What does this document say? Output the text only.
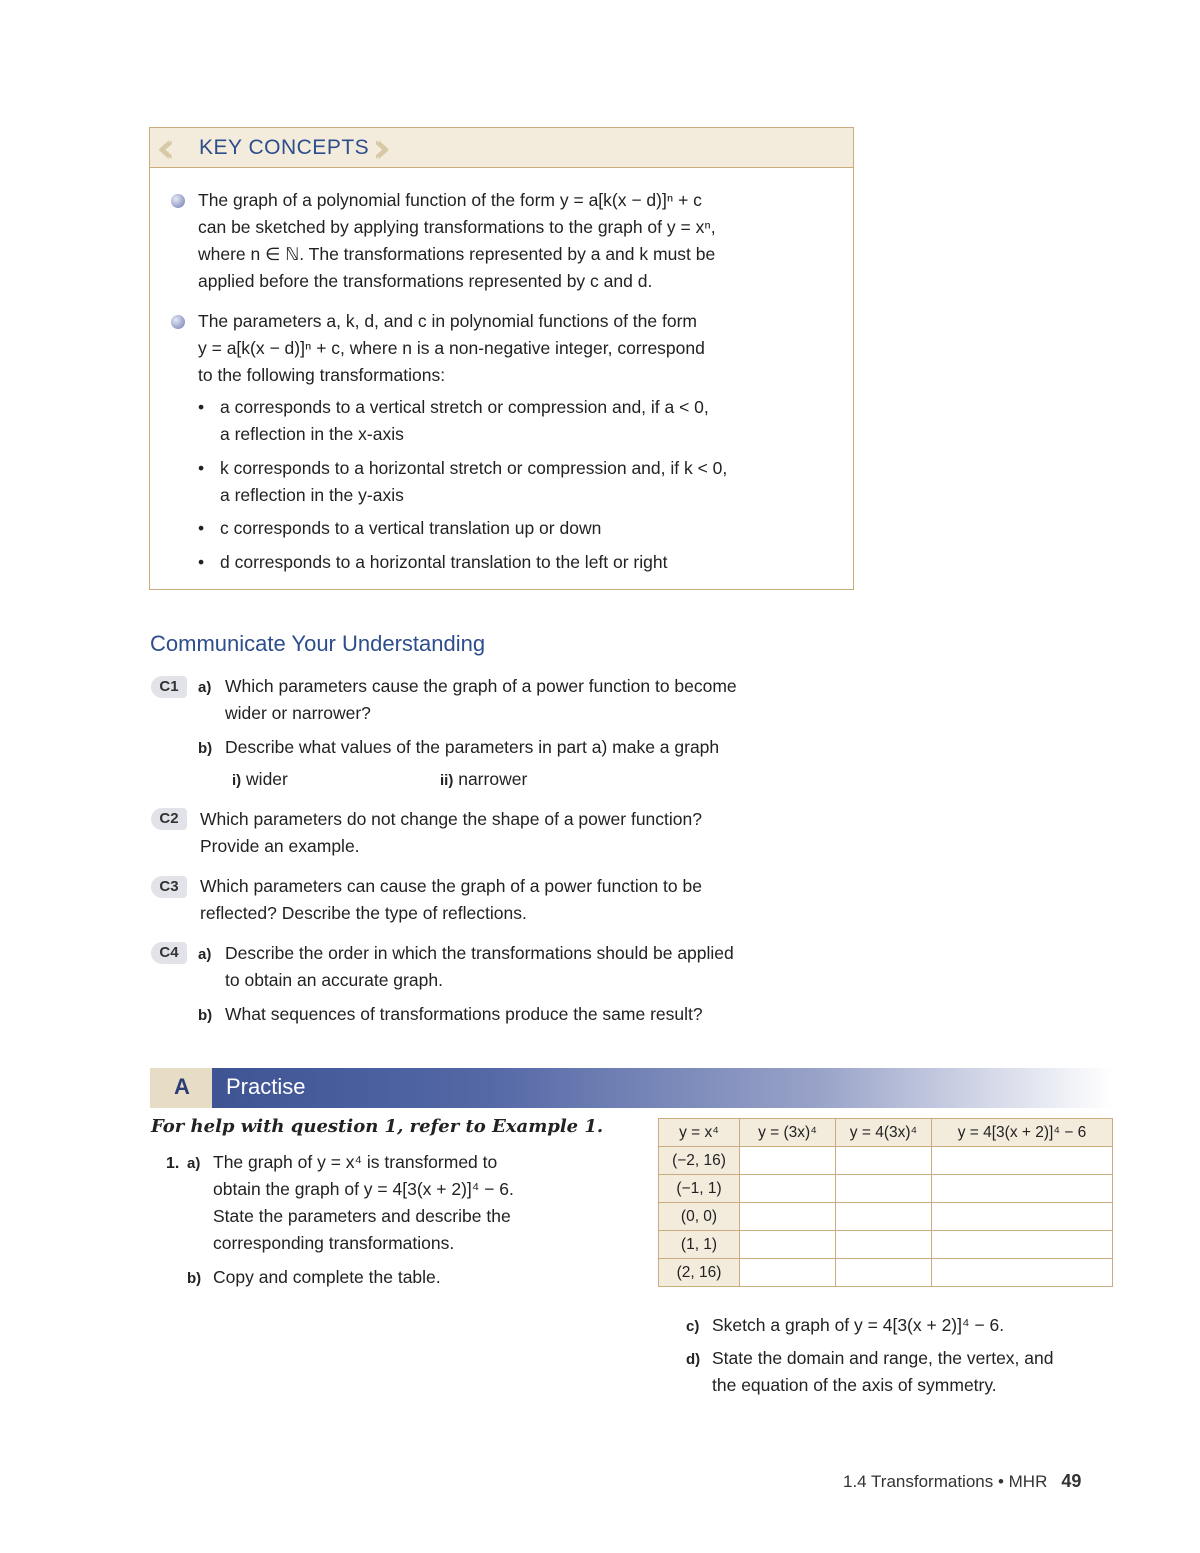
‹‹ KEY CONCEPTS ››
The graph of a polynomial function of the form y = a[k(x − d)]ⁿ + c
can be sketched by applying transformations to the graph of y = xⁿ,
where n ∈ ℕ. The transformations represented by a and k must be
applied before the transformations represented by c and d.
The parameters a, k, d, and c in polynomial functions of the form
y = a[k(x − d)]ⁿ + c, where n is a non-negative integer, correspond
to the following transformations:
• a corresponds to a vertical stretch or compression and, if a < 0,
a reflection in the x-axis
• k corresponds to a horizontal stretch or compression and, if k < 0,
a reflection in the y-axis
• c corresponds to a vertical translation up or down
• d corresponds to a horizontal translation to the left or right
Communicate Your Understanding
C1	a) Which parameters cause the graph of a power function to become
wider or narrower?
b) Describe what values of the parameters in part a) make a graph
i) wider	ii) narrower
C2	Which parameters do not change the shape of a power function?
Provide an example.
C3	Which parameters can cause the graph of a power function to be
reflected? Describe the type of reflections.
C4	a) Describe the order in which the transformations should be applied
to obtain an accurate graph.
b) What sequences of transformations produce the same result?
A Practise
For help with question 1, refer to Example 1.
1. a) The graph of y = x⁴ is transformed to
obtain the graph of y = 4[3(x + 2)]⁴ − 6.
State the parameters and describe the
corresponding transformations.
b) Copy and complete the table.
y = x⁴	y = (3x)⁴	y = 4(3x)⁴	y = 4[3(x + 2)]⁴ − 6
(−2, 16)			
(−1, 1)			
(0, 0)			
(1, 1)			
(2, 16)			
c) Sketch a graph of y = 4[3(x + 2)]⁴ − 6.
d) State the domain and range, the vertex, and
the equation of the axis of symmetry.
1.4 Transformations • MHR 49
